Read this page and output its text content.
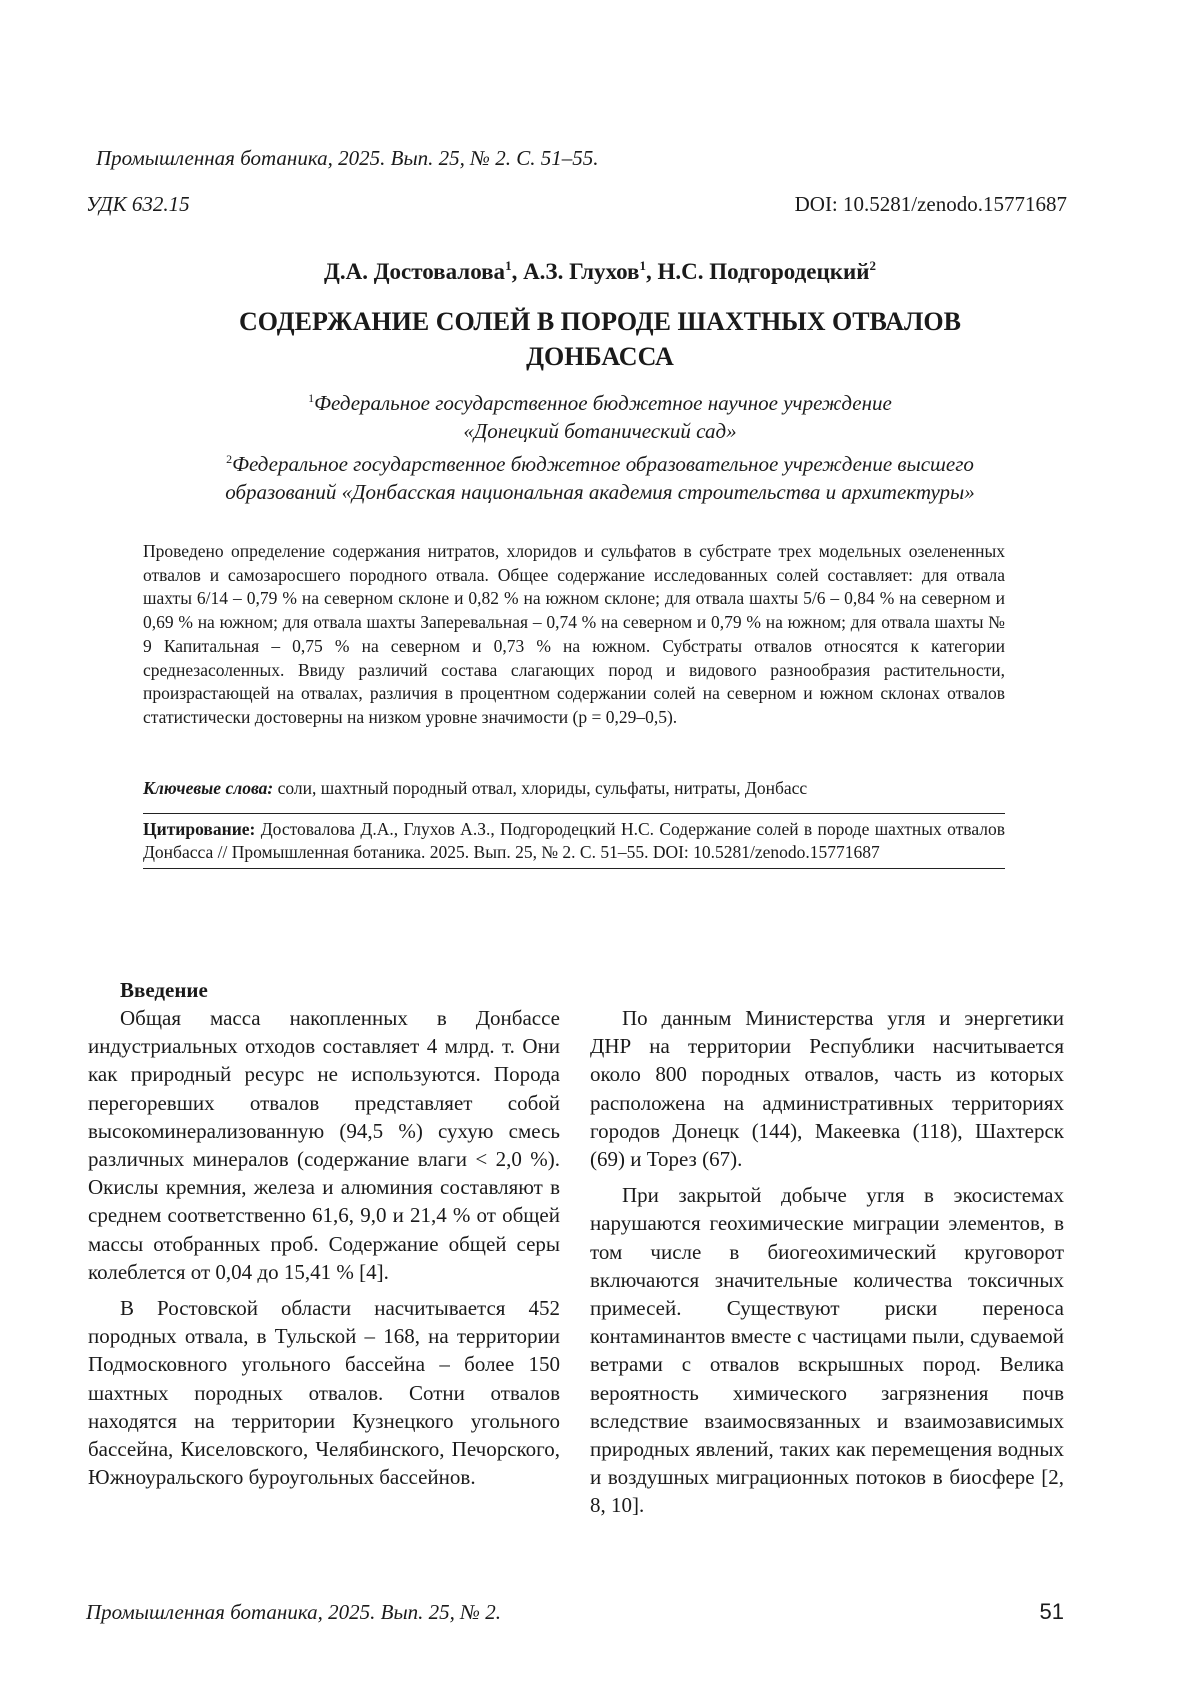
Промышленная ботаника, 2025. Вып. 25, № 2. С. 51–55.
УДК 632.15	DOI: 10.5281/zenodo.15771687
Д.А. Достовалова$^1$, А.З. Глухов$^1$, Н.С. Подгородецкий$^2$
СОДЕРЖАНИЕ СОЛЕЙ В ПОРОДЕ ШАХТНЫХ ОТВАЛОВ
ДОНБАССА
$^1$Федеральное государственное бюджетное научное учреждение
«Донецкий ботанический сад»
$^2$Федеральное государственное бюджетное образовательное учреждение высшего
образований «Донбасская национальная академия строительства и архитектуры»
Проведено определение содержания нитратов, хлоридов и сульфатов в субстрате трех модельных озелененных отвалов и самозаросшего породного отвала. Общее содержание исследованных солей составляет: для отвала шахты 6/14 – 0,79 % на северном склоне и 0,82 % на южном склоне; для отвала шахты 5/6 – 0,84 % на северном и 0,69 % на южном; для отвала шахты Заперевальная – 0,74 % на северном и 0,79 % на южном; для отвала шахты № 9 Капитальная – 0,75 % на северном и 0,73 % на южном. Субстраты отвалов относятся к категории среднезасоленных. Ввиду различий состава слагающих пород и видового разнообразия растительности, произрастающей на отвалах, различия в процентном содержании солей на северном и южном склонах отвалов статистически достоверны на низком уровне значимости (р = 0,29–0,5).
Ключевые слова: соли, шахтный породный отвал, хлориды, сульфаты, нитраты, Донбасс
Цитирование: Достовалова Д.А., Глухов А.З., Подгородецкий Н.С. Содержание солей в породе шахтных отвалов Донбасса // Промышленная ботаника. 2025. Вып. 25, № 2. С. 51–55. DOI: 10.5281/zenodo.15771687
Введение

Общая масса накопленных в Донбассе индустриальных отходов составляет 4 млрд. т. Они как природный ресурс не используются. Порода перегоревших отвалов представляет собой высокоминерализованную (94,5 %) сухую смесь различных минералов (содержание влаги < 2,0 %). Окислы кремния, железа и алюминия составляют в среднем соответственно 61,6, 9,0 и 21,4 % от общей массы отобранных проб. Содержание общей серы колеблется от 0,04 до 15,41 % [4].

В Ростовской области насчитывается 452 породных отвала, в Тульской – 168, на территории Подмосковного угольного бассейна – более 150 шахтных породных отвалов. Сотни отвалов находятся на территории Кузнецкого угольного бассейна, Киселовского, Челябинского, Печорского, Южноуральского буроугольных бассейнов.

По данным Министерства угля и энергетики ДНР на территории Республики насчитывается около 800 породных отвалов, часть из которых расположена на административных территориях городов Донецк (144), Макеевка (118), Шахтерск (69) и Торез (67).

При закрытой добыче угля в экосистемах нарушаются геохимические миграции элементов, в том числе в биогеохимический круговорот включаются значительные количества токсичных примесей. Существуют риски переноса контаминантов вместе с частицами пыли, сдуваемой ветрами с отвалов вскрышных пород. Велика вероятность химического загрязнения почв вследствие взаимосвязанных и взаимозависимых природных явлений, таких как перемещения водных и воздушных миграционных потоков в биосфере [2, 8, 10].

Промышленная ботаника, 2025. Вып. 25, № 2.	51
